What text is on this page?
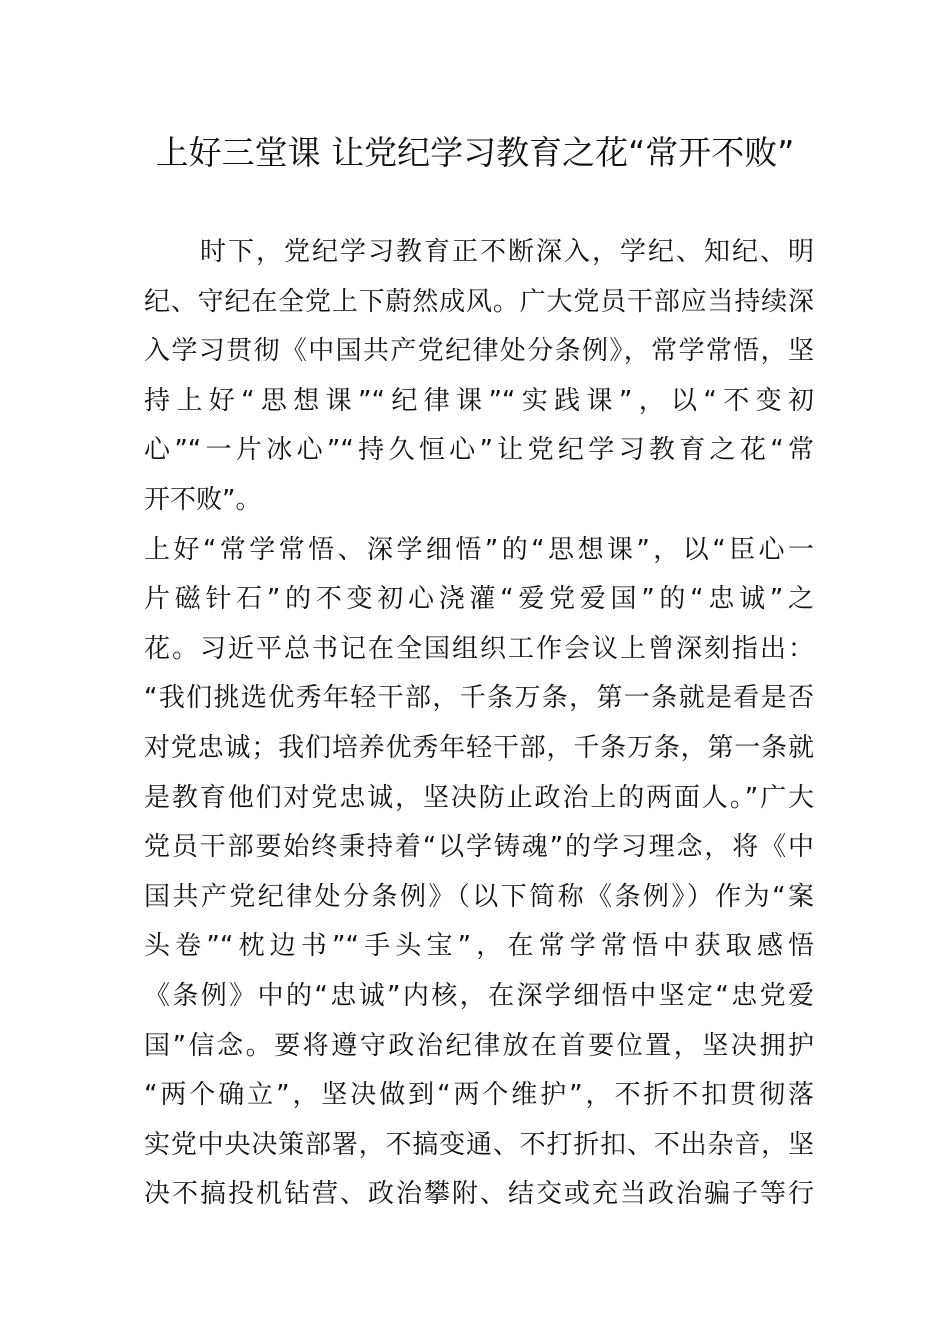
上好三堂课 让党纪学习教育之花“常开不败”
　　时下，党纪学习教育正不断深入，学纪、知纪、明
纪、守纪在全党上下蔚然成风。广大党员干部应当持续深
入学习贯彻《中国共产党纪律处分条例》，常学常悟，坚
持上好“思想课”“纪律课”“实践课”，以“不变初
心”“一片冰心”“持久恒心”让党纪学习教育之花“常
开不败”。
上好“常学常悟、深学细悟”的“思想课”，以“臣心一
片磁针石”的不变初心浇灌“爱党爱国”的“忠诚”之
花。习近平总书记在全国组织工作会议上曾深刻指出：
“我们挑选优秀年轻干部，千条万条，第一条就是看是否
对党忠诚；我们培养优秀年轻干部，千条万条，第一条就
是教育他们对党忠诚，坚决防止政治上的两面人。”广大
党员干部要始终秉持着“以学铸魂”的学习理念，将《中
国共产党纪律处分条例》（以下简称《条例》）作为“案
头卷”“枕边书”“手头宝”，在常学常悟中获取感悟
《条例》中的“忠诚”内核，在深学细悟中坚定“忠党爱
国”信念。要将遵守政治纪律放在首要位置，坚决拥护
“两个确立”，坚决做到“两个维护”，不折不扣贯彻落
实党中央决策部署，不搞变通、不打折扣、不出杂音，坚
决不搞投机钻营、政治攀附、结交或充当政治骗子等行
